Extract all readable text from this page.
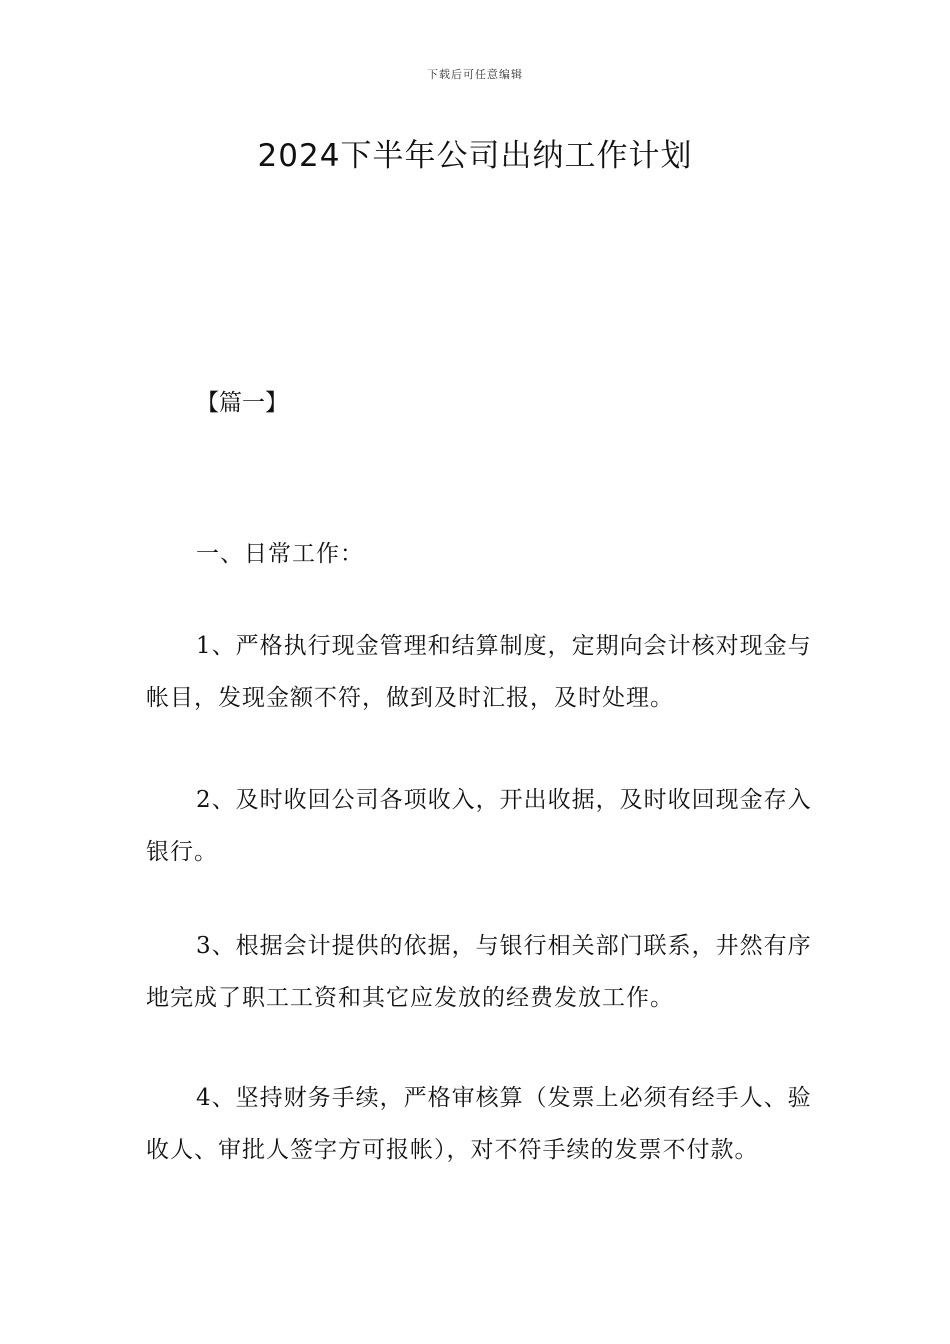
下载后可任意编辑
2024下半年公司出纳工作计划
【篇一】
一、日常工作：
1、严格执行现金管理和结算制度，定期向会计核对现金与帐目，发现金额不符，做到及时汇报，及时处理。
2、及时收回公司各项收入，开出收据，及时收回现金存入银行。
3、根据会计提供的依据，与银行相关部门联系，井然有序地完成了职工工资和其它应发放的经费发放工作。
4、坚持财务手续，严格审核算（发票上必须有经手人、验收人、审批人签字方可报帐），对不符手续的发票不付款。
